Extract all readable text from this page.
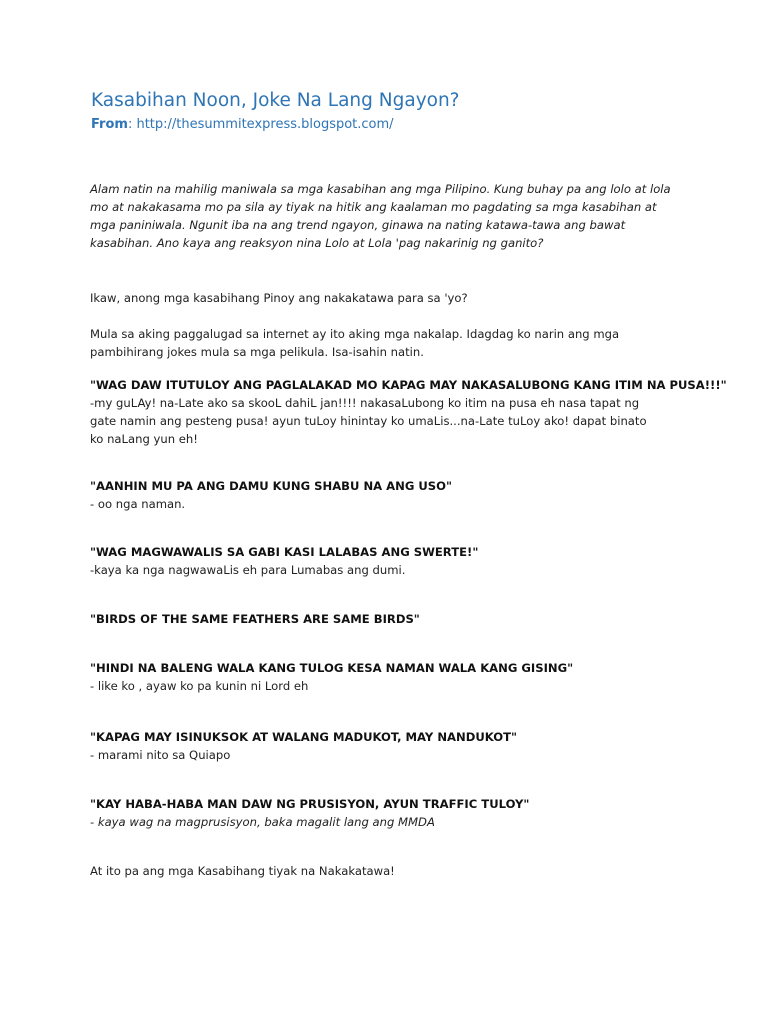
Kasabihan Noon, Joke Na Lang Ngayon?
From: http://thesummitexpress.blogspot.com/

Alam natin na mahilig maniwala sa mga kasabihan ang mga Pilipino. Kung buhay pa ang lolo at lola mo at nakakasama mo pa sila ay tiyak na hitik ang kaalaman mo pagdating sa mga kasabihan at mga paniniwala. Ngunit iba na ang trend ngayon, ginawa na nating katawa-tawa ang bawat kasabihan. Ano kaya ang reaksyon nina Lolo at Lola 'pag nakarinig ng ganito?

Ikaw, anong mga kasabihang Pinoy ang nakakatawa para sa 'yo?

Mula sa aking paggalugad sa internet ay ito aking mga nakalap. Idagdag ko narin ang mga pambihirang jokes mula sa mga pelikula. Isa-isahin natin.

"WAG DAW ITUTULOY ANG PAGLALAKAD MO KAPAG MAY NAKASALUBONG KANG ITIM NA PUSA!!!"
-my guLAy! na-Late ako sa skooL dahiL jan!!!! nakasaLubong ko itim na pusa eh nasa tapat ng gate namin ang pesteng pusa! ayun tuLoy hinintay ko umaLis...na-Late tuLoy ako! dapat binato ko naLang yun eh!
"AANHIN MU PA ANG DAMU KUNG SHABU NA ANG USO"
- oo nga naman.
"WAG MAGWAWALIS SA GABI KASI LALABAS ANG SWERTE!"
-kaya ka nga nagwawaLis eh para Lumabas ang dumi.
"BIRDS OF THE SAME FEATHERS ARE SAME BIRDS"
"HINDI NA BALENG WALA KANG TULOG KESA NAMAN WALA KANG GISING"
- like ko , ayaw ko pa kunin ni Lord eh
"KAPAG MAY ISINUKSOK AT WALANG MADUKOT, MAY NANDUKOT"
- marami nito sa Quiapo
"KAY HABA-HABA MAN DAW NG PRUSISYON, AYUN TRAFFIC TULOY"
- kaya wag na magprusisyon, baka magalit lang ang MMDA

At ito pa ang mga Kasabihang tiyak na Nakakatawa!
